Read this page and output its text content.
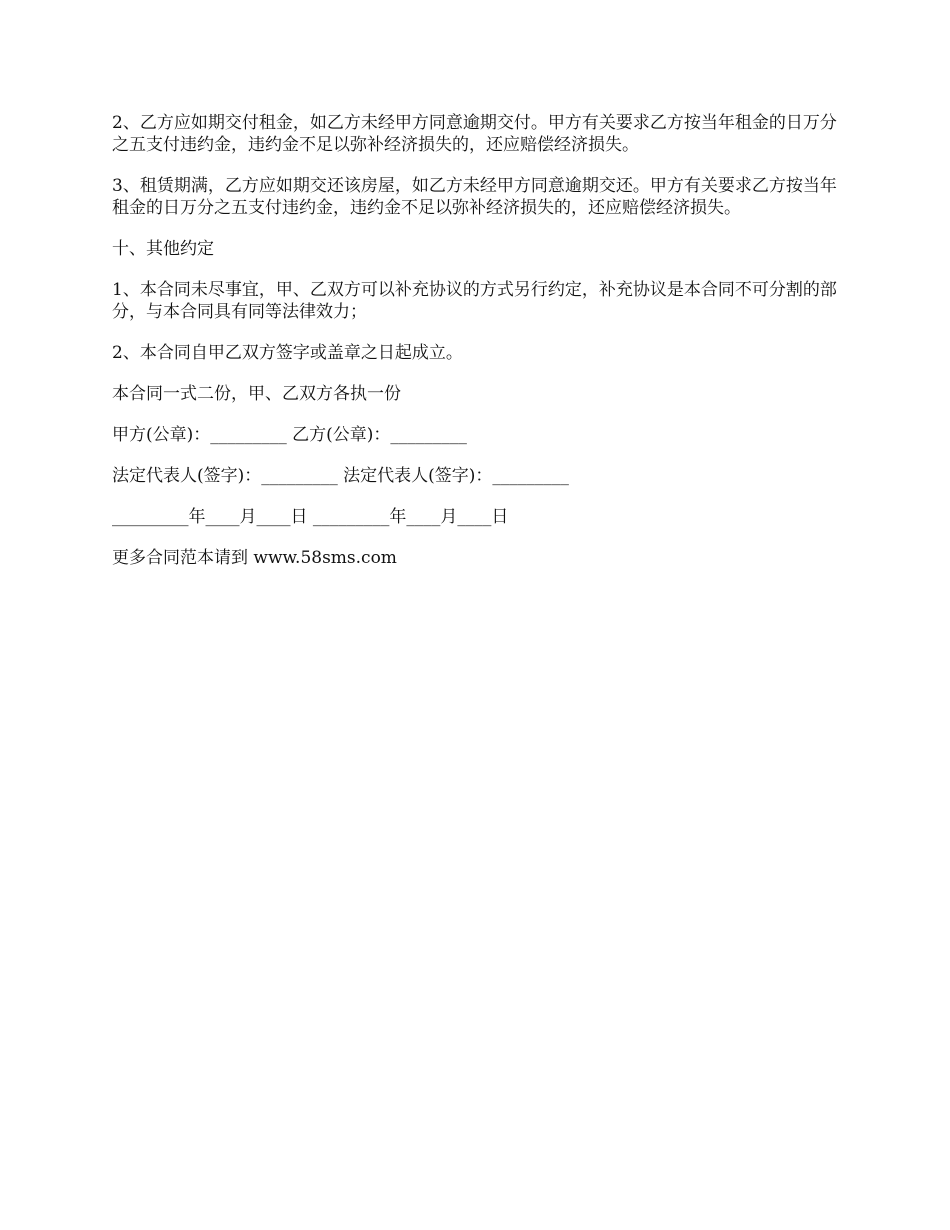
2、乙方应如期交付租金，如乙方未经甲方同意逾期交付。甲方有关要求乙方按当年租金的日万分之五支付违约金，违约金不足以弥补经济损失的，还应赔偿经济损失。

3、租赁期满，乙方应如期交还该房屋，如乙方未经甲方同意逾期交还。甲方有关要求乙方按当年租金的日万分之五支付违约金，违约金不足以弥补经济损失的，还应赔偿经济损失。

十、其他约定

1、本合同未尽事宜，甲、乙双方可以补充协议的方式另行约定，补充协议是本合同不可分割的部分，与本合同具有同等法律效力；

2、本合同自甲乙双方签字或盖章之日起成立。

本合同一式二份，甲、乙双方各执一份

甲方(公章)：_________ 乙方(公章)：_________

法定代表人(签字)：_________ 法定代表人(签字)：_________

_________年____月____日 _________年____月____日

更多合同范本请到 www.58sms.com
